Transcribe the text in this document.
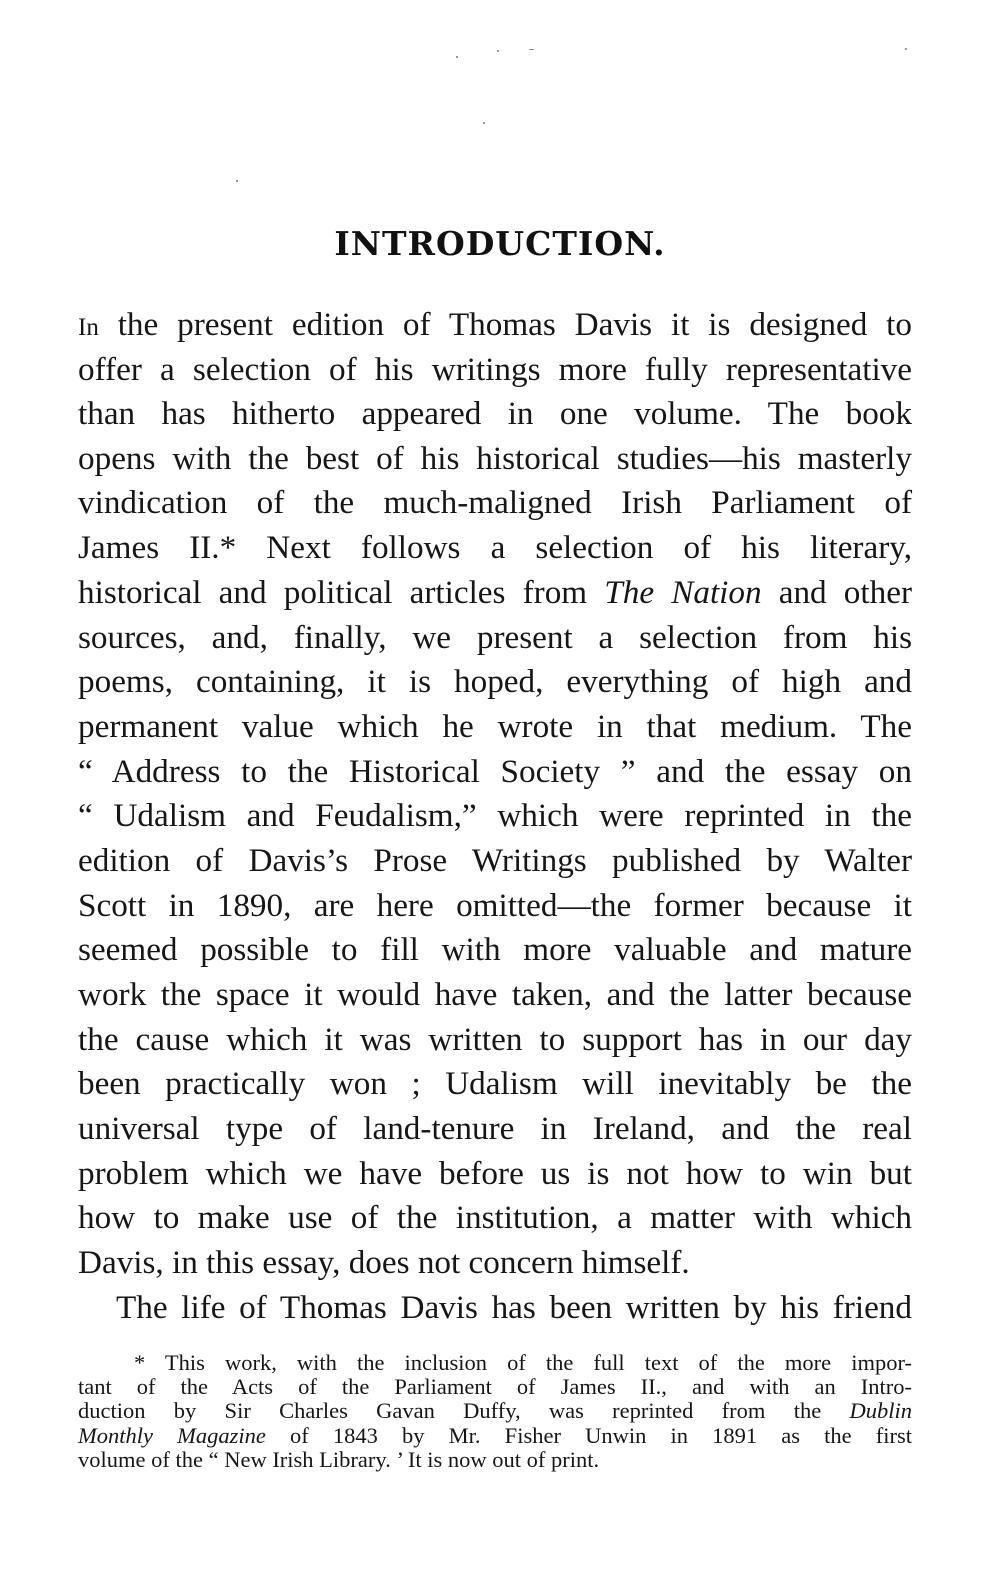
INTRODUCTION.
In the present edition of Thomas Davis it is designed to
offer a selection of his writings more fully representative
than has hitherto appeared in one volume. The book
opens with the best of his historical studies—his masterly
vindication of the much-maligned Irish Parliament of
James II.* Next follows a selection of his literary,
historical and political articles from The Nation and other
sources, and, finally, we present a selection from his
poems, containing, it is hoped, everything of high and
permanent value which he wrote in that medium. The
“ Address to the Historical Society ” and the essay on
“ Udalism and Feudalism,” which were reprinted in the
edition of Davis’s Prose Writings published by Walter
Scott in 1890, are here omitted—the former because it
seemed possible to fill with more valuable and mature
work the space it would have taken, and the latter because
the cause which it was written to support has in our day
been practically won ; Udalism will inevitably be the
universal type of land-tenure in Ireland, and the real
problem which we have before us is not how to win but
how to make use of the institution, a matter with which
Davis, in this essay, does not concern himself.
The life of Thomas Davis has been written by his friend
* This work, with the inclusion of the full text of the more impor-
tant of the Acts of the Parliament of James II., and with an Intro-
duction by Sir Charles Gavan Duffy, was reprinted from the Dublin
Monthly Magazine of 1843 by Mr. Fisher Unwin in 1891 as the first
volume of the “ New Irish Library. ’ It is now out of print.
